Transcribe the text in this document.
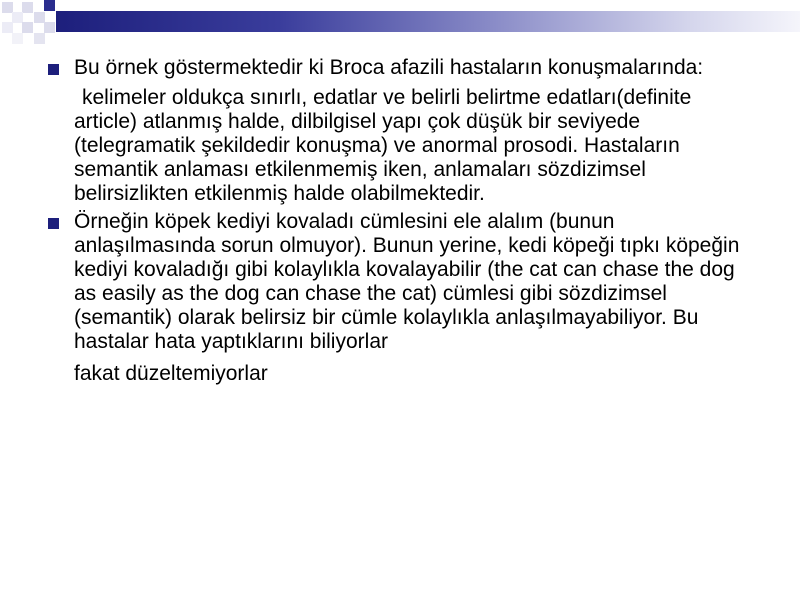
Bu örnek göstermektedir ki Broca afazili hastaların konuşmalarında:
kelimeler oldukça sınırlı, edatlar ve belirli belirtme edatları(definite article) atlanmış halde, dilbilgisel yapı çok düşük bir seviyede (telegramatik şekildedir konuşma) ve anormal prosodi. Hastaların semantik anlaması etkilenmemiş iken, anlamaları sözdizimsel belirsizlikten etkilenmiş halde olabilmektedir.
Örneğin köpek kediyi kovaladı cümlesini ele alalım (bunun anlaşılmasında sorun olmuyor). Bunun yerine, kedi köpeği tıpkı köpeğin kediyi kovaladığı gibi kolaylıkla kovalayabilir (the cat can chase the dog as easily as the dog can chase the cat) cümlesi gibi sözdizimsel (semantik) olarak belirsiz bir cümle kolaylıkla anlaşılmayabiliyor. Bu hastalar hata yaptıklarını biliyorlar
fakat düzeltemiyorlar
